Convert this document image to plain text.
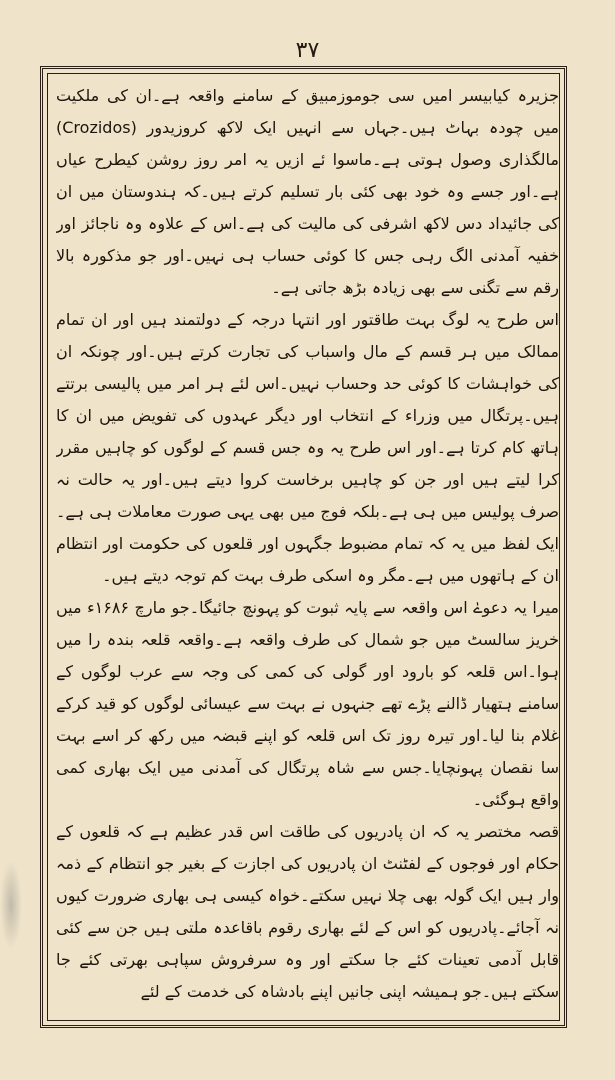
۳۷

جزیرہ کیابیسر امیں سی جوموزمبیق کے سامنے واقعہ ہے۔ان کی ملکیت میں چودہ بہاٹ ہیں۔جہاں سے انہیں ایک لاکھ کروزیدور (Crozidos) مالگذاری وصول ہوتی ہے۔ماسوا ئے ازیں یہ امر روز روشن کیطرح عیاں ہے۔اور جسے وہ خود بھی کئی بار تسلیم کرتے ہیں۔کہ ہندوستان میں ان کی جائیداد دس لاکھ اشرفی کی مالیت کی ہے۔اس کے علاوہ وہ ناجائز اور خفیہ آمدنی الگ رہی جس کا کوئی حساب ہی نہیں۔اور جو مذکورہ بالا رقم سے تگنی سے بھی زیادہ بڑھ جاتی ہے۔

اس طرح یہ لوگ بہت طاقتور اور انتہا درجہ کے دولتمند ہیں اور ان تمام ممالک میں ہر قسم کے مال واسباب کی تجارت کرتے ہیں۔اور چونکہ ان کی خواہشات کا کوئی حد وحساب نہیں۔اس لئے ہر امر میں پالیسی برتتے ہیں۔پرتگال میں وزراء کے انتخاب اور دیگر عہدوں کی تفویض میں ان کا ہاتھ کام کرتا ہے۔اور اس طرح یہ وہ جس قسم کے لوگوں کو چاہیں مقرر کرا لیتے ہیں اور جن کو چاہیں برخاست کروا دیتے ہیں۔اور یہ حالت نہ صرف پولیس میں ہی ہے۔بلکہ فوج میں بھی یہی صورت معاملات ہی ہے۔ایک لفظ میں یہ کہ تمام مضبوط جگہوں اور قلعوں کی حکومت اور انتظام ان کے ہاتھوں میں ہے۔مگر وہ اسکی طرف بہت کم توجہ دیتے ہیں۔

میرا یہ دعوےٰ اس واقعہ سے پایہ ثبوت کو پہونچ جائیگا۔جو مارچ ۱۶۸۶ء میں خریز سالسٹ میں جو شمال کی طرف واقعہ ہے۔واقعہ قلعہ بندہ را میں ہوا۔اس قلعہ کو بارود اور گولی کی کمی کی وجہ سے عرب لوگوں کے سامنے ہتھیار ڈالنے پڑے تھے جنہوں نے بہت سے عیسائی لوگوں کو قید کرکے غلام بنا لیا۔اور تیرہ روز تک اس قلعہ کو اپنے قبضہ میں رکھ کر اسے بہت سا نقصان پہونچایا۔جس سے شاہ پرتگال کی آمدنی میں ایک بھاری کمی واقع ہوگئی۔

قصہ مختصر یہ کہ ان پادریوں کی طاقت اس قدر عظیم ہے کہ قلعوں کے حکام اور فوجوں کے لفٹنٹ ان پادریوں کی اجازت کے بغیر جو انتظام کے ذمہ وار ہیں ایک گولہ بھی چلا نہیں سکتے۔خواہ کیسی ہی بھاری ضرورت کیوں نہ آجائے۔پادریوں کو اس کے لئے بھاری رقوم باقاعدہ ملتی ہیں جن سے کئی قابل آدمی تعینات کئے جا سکتے اور وہ سرفروش سپاہی بھرتی کئے جا سکتے ہیں۔جو ہمیشہ اپنی جانیں اپنے بادشاہ کی خدمت کے لئے
